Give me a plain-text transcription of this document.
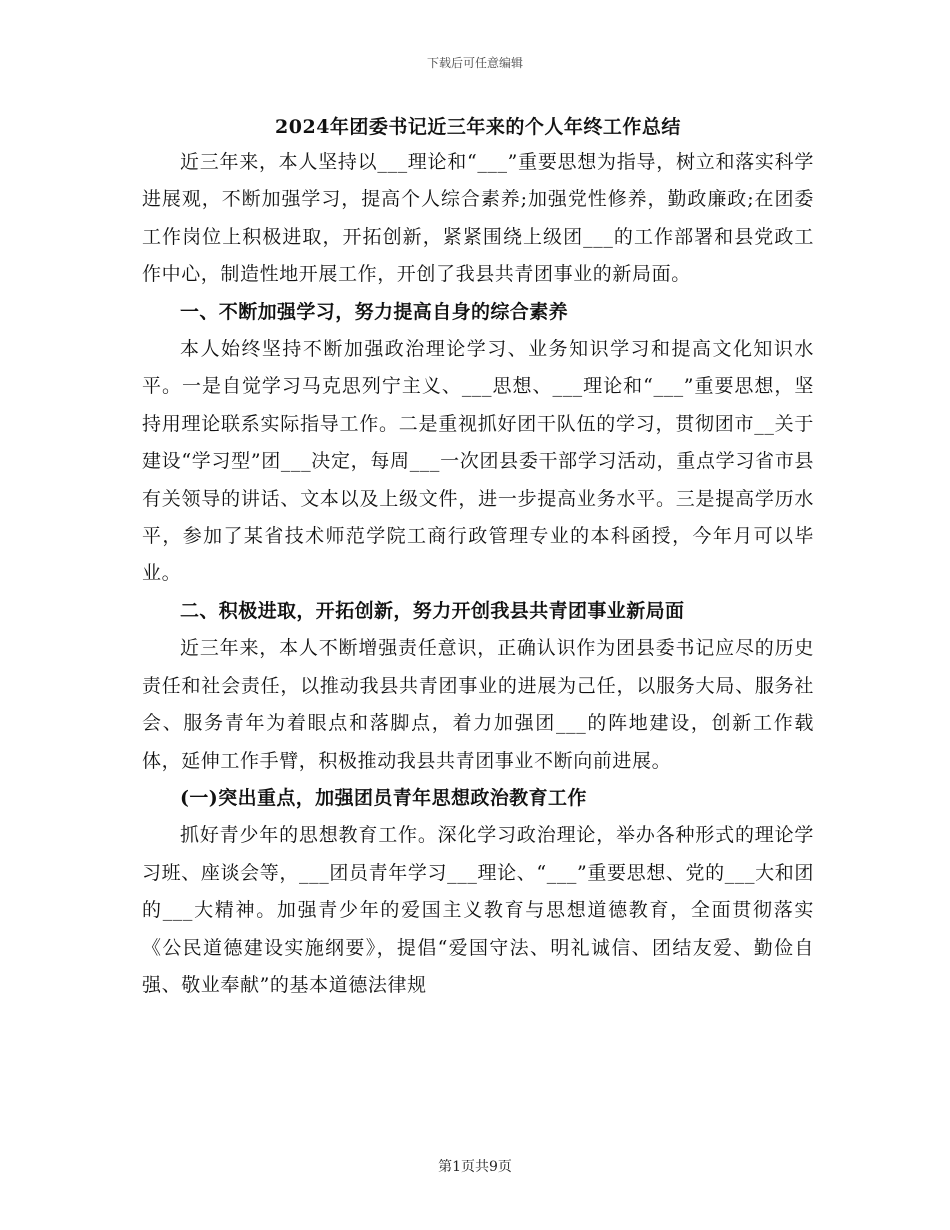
下载后可任意编辑
2024年团委书记近三年来的个人年终工作总结

近三年来，本人坚持以___理论和“___”重要思想为指导，树立和落实科学进展观，不断加强学习，提高个人综合素养;加强党性修养，勤政廉政;在团委工作岗位上积极进取，开拓创新，紧紧围绕上级团___的工作部署和县党政工作中心，制造性地开展工作，开创了我县共青团事业的新局面。

一、不断加强学习，努力提高自身的综合素养

本人始终坚持不断加强政治理论学习、业务知识学习和提高文化知识水平。一是自觉学习马克思列宁主义、___思想、___理论和“___”重要思想，坚持用理论联系实际指导工作。二是重视抓好团干队伍的学习，贯彻团市__关于建设“学习型”团___决定，每周___一次团县委干部学习活动，重点学习省市县有关领导的讲话、文本以及上级文件，进一步提高业务水平。三是提高学历水平，参加了某省技术师范学院工商行政管理专业的本科函授，今年月可以毕业。

二、积极进取，开拓创新，努力开创我县共青团事业新局面

近三年来，本人不断增强责任意识，正确认识作为团县委书记应尽的历史责任和社会责任，以推动我县共青团事业的进展为己任，以服务大局、服务社会、服务青年为着眼点和落脚点，着力加强团___的阵地建设，创新工作载体，延伸工作手臂，积极推动我县共青团事业不断向前进展。

(一)突出重点，加强团员青年思想政治教育工作

抓好青少年的思想教育工作。深化学习政治理论，举办各种形式的理论学习班、座谈会等，___团员青年学习___理论、“___”重要思想、党的___大和团的___大精神。加强青少年的爱国主义教育与思想道德教育，全面贯彻落实《公民道德建设实施纲要》，提倡“爱国守法、明礼诚信、团结友爱、勤俭自强、敬业奉献”的基本道德法律规

第1页共9页
